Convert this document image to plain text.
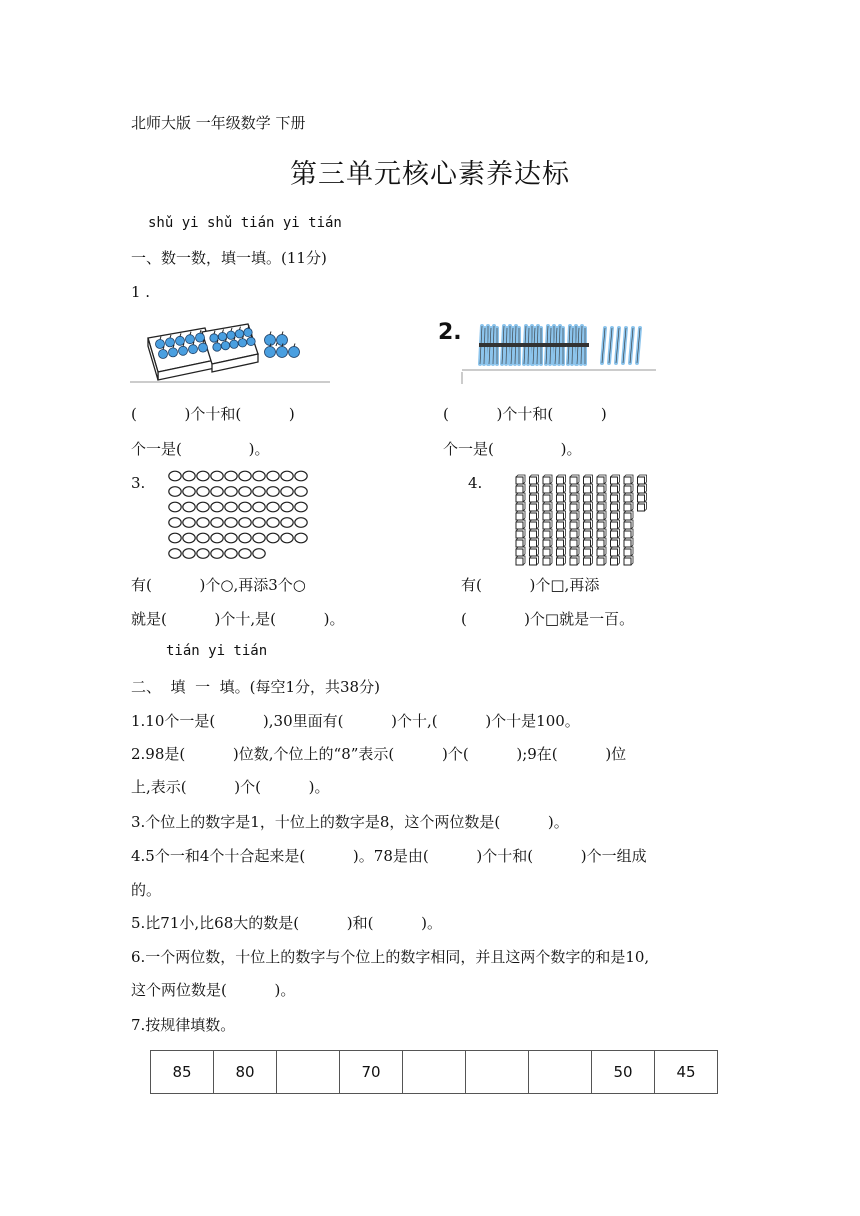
北师大版 一年级数学 下册
第三单元核心素养达标
shǔ yi shǔ tián yi tián
一、数一数，填一填。(11分)
1 .
2.
(          )个十和(          )
个一是(              )。
(          )个十和(          )
个一是(              )。
3.	4.
有(          )个○,再添3个○
就是(          )个十,是(          )。
有(          )个□,再添
(            )个□就是一百。
tián yi tián
二、  填  一  填。(每空1分，共38分)
1.10个一是(          ),30里面有(          )个十,(          )个十是100。
2.98是(          )位数,个位上的“8”表示(          )个(          );9在(          )位
上,表示(          )个(          )。
3.个位上的数字是1，十位上的数字是8，这个两位数是(          )。
4.5个一和4个十合起来是(          )。78是由(          )个十和(          )个一组成
的。
5.比71小,比68大的数是(          )和(          )。
6.一个两位数，十位上的数字与个位上的数字相同，并且这两个数字的和是10,
这个两位数是(          )。
7.按规律填数。
85	80		70				50	45
